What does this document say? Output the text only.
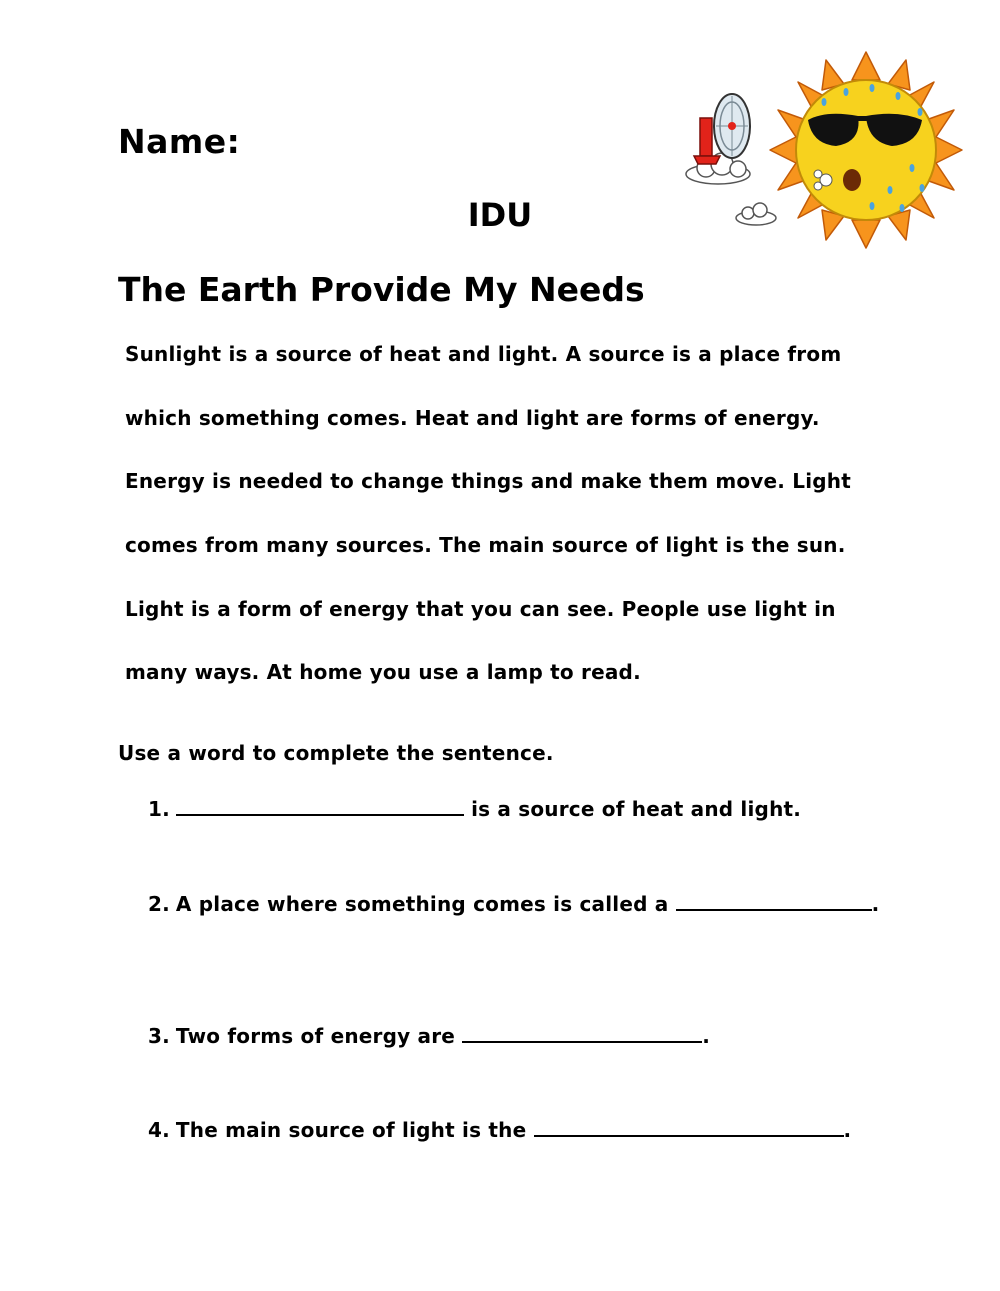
Name:
IDU
The Earth Provide My Needs
Sunlight is a source of heat and light. A source is a place from
which something comes. Heat and light are forms of energy.
Energy is needed to change things and make them move. Light
comes from many sources. The main source of light is the sun.
Light is a form of energy that you can see. People use light in
many ways. At home you use a lamp to read.
Use a word to complete the sentence.
1.	is a source of heat and light.
2. A place where something comes is called a	.
3. Two forms of energy are	.
4. The main source of light is the	.
